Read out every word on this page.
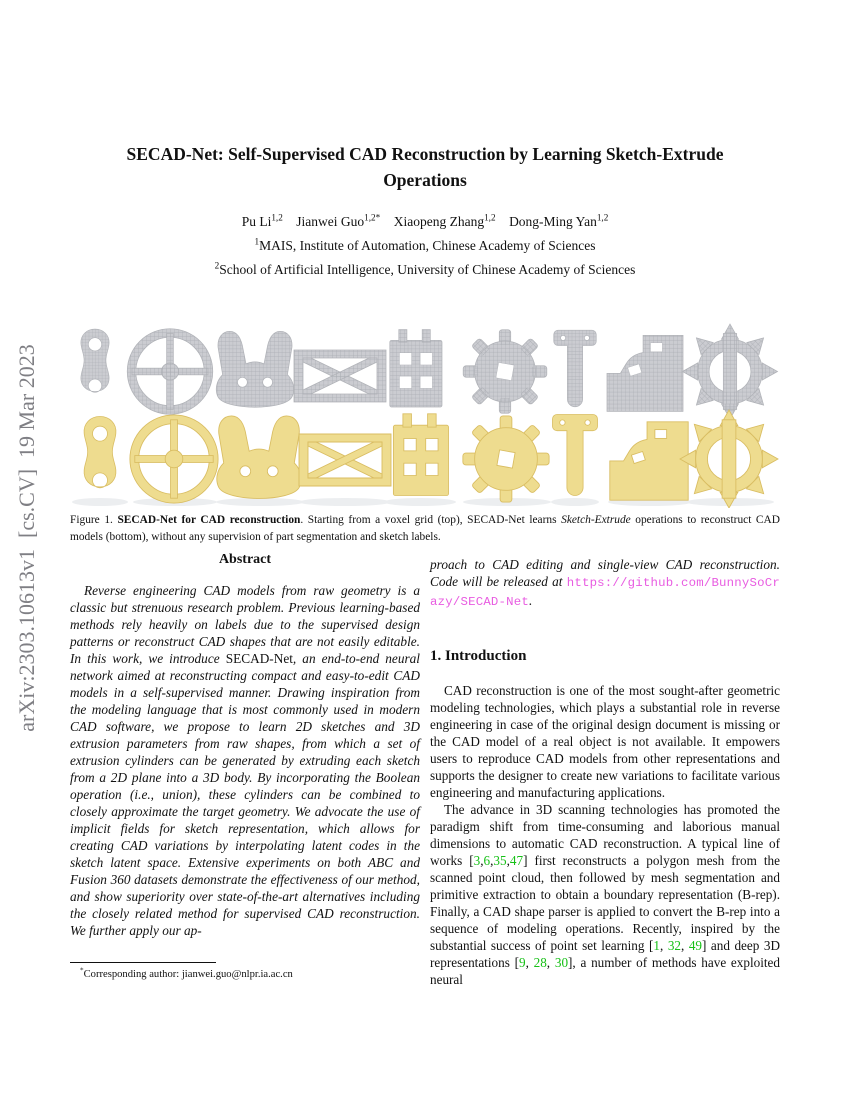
arXiv:2303.10613v1  [cs.CV]  19 Mar 2023
SECAD-Net: Self-Supervised CAD Reconstruction by Learning Sketch-Extrude Operations
Pu Li$^{1,2}$ Jianwei Guo$^{1,2*}$ Xiaopeng Zhang$^{1,2}$ Dong-Ming Yan$^{1,2}$
$^1$MAIS, Institute of Automation, Chinese Academy of Sciences
$^2$School of Artificial Intelligence, University of Chinese Academy of Sciences
Figure 1. SECAD-Net for CAD reconstruction. Starting from a voxel grid (top), SECAD-Net learns Sketch-Extrude operations to reconstruct CAD models (bottom), without any supervision of part segmentation and sketch labels.
Abstract

Reverse engineering CAD models from raw geometry is a classic but strenuous research problem. Previous learning-based methods rely heavily on labels due to the supervised design patterns or reconstruct CAD shapes that are not easily editable. In this work, we introduce SECAD-Net, an end-to-end neural network aimed at reconstructing compact and easy-to-edit CAD models in a self-supervised manner. Drawing inspiration from the modeling language that is most commonly used in modern CAD software, we propose to learn 2D sketches and 3D extrusion parameters from raw shapes, from which a set of extrusion cylinders can be generated by extruding each sketch from a 2D plane into a 3D body. By incorporating the Boolean operation (i.e., union), these cylinders can be combined to closely approximate the target geometry. We advocate the use of implicit fields for sketch representation, which allows for creating CAD variations by interpolating latent codes in the sketch latent space. Extensive experiments on both ABC and Fusion 360 datasets demonstrate the effectiveness of our method, and show superiority over state-of-the-art alternatives including the closely related method for supervised CAD reconstruction. We further apply our ap-

*Corresponding author: jianwei.guo@nlpr.ia.ac.cn

proach to CAD editing and single-view CAD reconstruction. Code will be released at https://github.com/BunnySoCrazy/SECAD-Net.

1. Introduction

CAD reconstruction is one of the most sought-after geometric modeling technologies, which plays a substantial role in reverse engineering in case of the original design document is missing or the CAD model of a real object is not available. It empowers users to reproduce CAD models from other representations and supports the designer to create new variations to facilitate various engineering and manufacturing applications.

The advance in 3D scanning technologies has promoted the paradigm shift from time-consuming and laborious manual dimensions to automatic CAD reconstruction. A typical line of works [3,6,35,47] first reconstructs a polygon mesh from the scanned point cloud, then followed by mesh segmentation and primitive extraction to obtain a boundary representation (B-rep). Finally, a CAD shape parser is applied to convert the B-rep into a sequence of modeling operations. Recently, inspired by the substantial success of point set learning [1, 32, 49] and deep 3D representations [9, 28, 30], a number of methods have exploited neural
